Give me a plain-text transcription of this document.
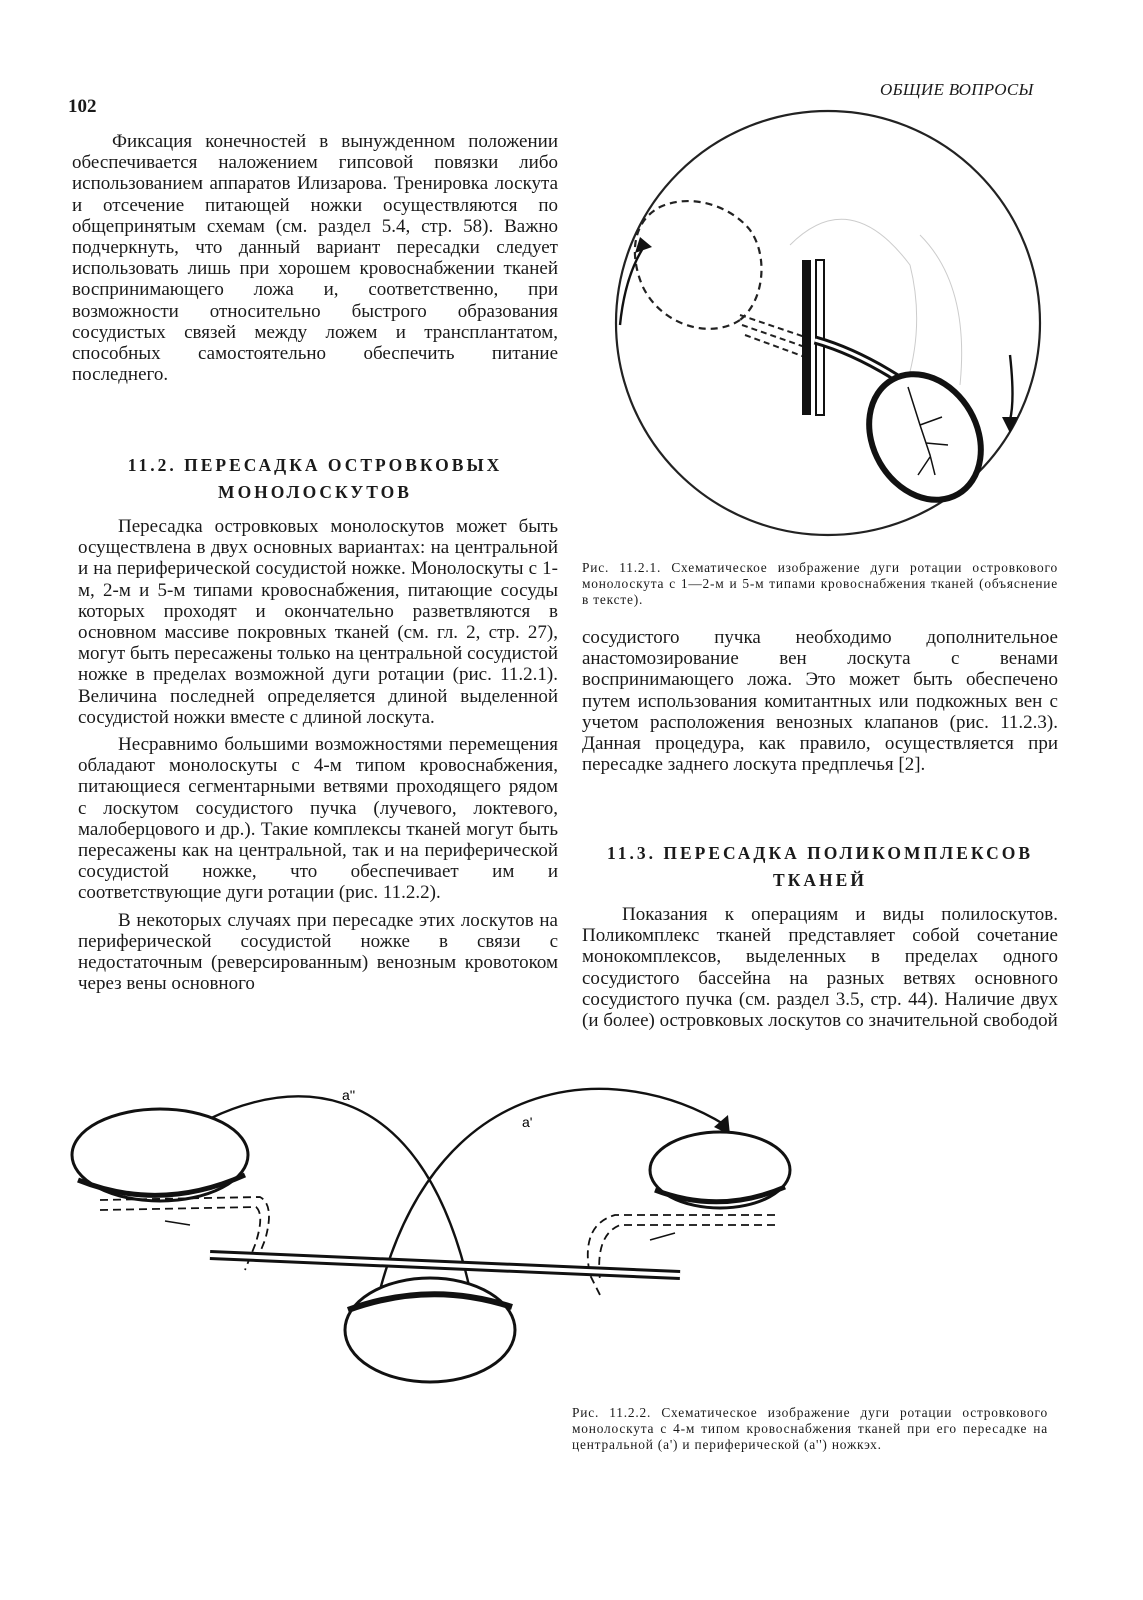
102
ОБЩИЕ ВОПРОСЫ

Фиксация конечностей в вынужденном положении обеспечивается наложением гипсовой повязки либо использованием аппаратов Илизарова. Тренировка лоскута и отсечение питающей ножки осуществляются по общепринятым схемам (см. раздел 5.4, стр. 58). Важно подчеркнуть, что данный вариант пересадки следует использовать лишь при хорошем кровоснабжении тканей воспринимающего ложа и, соответственно, при возможности относительно быстрого образования сосудистых связей между ложем и трансплантатом, способных самостоятельно обеспечить питание последнего.

11.2. ПЕРЕСАДКА ОСТРОВКОВЫХ МОНОЛОСКУТОВ

Пересадка островковых монолоскутов может быть осуществлена в двух основных вариантах: на центральной и на периферической сосудистой ножке. Монолоскуты с 1-м, 2-м и 5-м типами кровоснабжения, питающие сосуды которых проходят и окончательно разветвляются в основном массиве покровных тканей (см. гл. 2, стр. 27), могут быть пересажены только на центральной сосудистой ножке в пределах возможной дуги ротации (рис. 11.2.1). Величина последней определяется длиной выделенной сосудистой ножки вместе с длиной лоскута.

Несравнимо большими возможностями перемещения обладают монолоскуты с 4-м типом кровоснабжения, питающиеся сегментарными ветвями проходящего рядом с лоскутом сосудистого пучка (лучевого, локтевого, малоберцового и др.). Такие комплексы тканей могут быть пересажены как на центральной, так и на периферической сосудистой ножке, что обеспечивает им и соответствующие дуги ротации (рис. 11.2.2).

В некоторых случаях при пересадке этих лоскутов на периферической сосудистой ножке в связи с недостаточным (реверсированным) венозным кровотоком через вены основного

Рис. 11.2.1. Схематическое изображение дуги ротации островкового монолоскута с 1—2-м и 5-м типами кровоснабжения тканей (объяснение в тексте).

сосудистого пучка необходимо дополнительное анастомозирование вен лоскута с венами воспринимающего ложа. Это может быть обеспечено путем использования комитантных или подкожных вен с учетом расположения венозных клапанов (рис. 11.2.3). Данная процедура, как правило, осуществляется при пересадке заднего лоскута предплечья [2].

11.3. ПЕРЕСАДКА ПОЛИКОМПЛЕКСОВ ТКАНЕЙ

Показания к операциям и виды полилоскутов. Поликомплекс тканей представляет собой сочетание монокомплексов, выделенных в пределах одного сосудистого бассейна на разных ветвях основного сосудистого пучка (см. раздел 3.5, стр. 44). Наличие двух (и более) островковых лоскутов со значительной свободой

a''
a'
Рис. 11.2.2. Схематическое изображение дуги ротации островкового монолоскута с 4-м типом кровоснабжения тканей при его пересадке на центральной (а') и периферической (а'') ножкэх.
